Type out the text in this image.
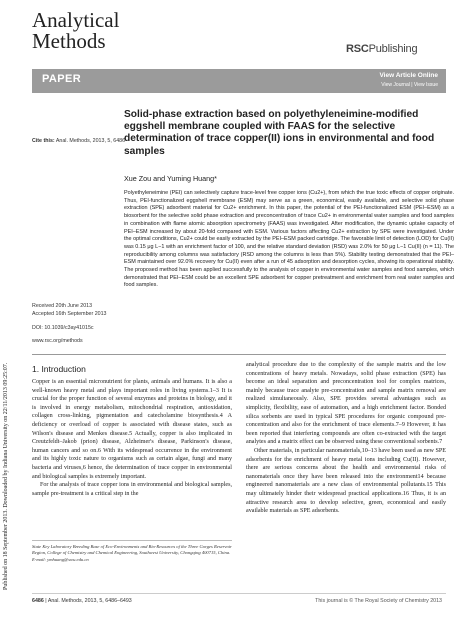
Analytical
Methods	RSCPublishing
PAPER	View Article Online
View Journal | View Issue
Published on 18 September 2013. Downloaded by Indiana University on 22/11/2013 09:25:07.
Cite this: Anal. Methods, 2013, 5, 6486
Solid-phase extraction based on polyethyleneimine-modified eggshell membrane coupled with FAAS for the selective determination of trace copper(II) ions in environmental and food samples
Xue Zou and Yuming Huang*
Polyethyleneimine (PEI) can selectively capture trace-level free copper ions (Cu2+), from which the true toxic effects of copper originate. Thus, PEI-functionalized eggshell membrane (ESM) may serve as a green, economical, easily available, and selective solid phase extraction (SPE) adsorbent material for Cu2+ enrichment. In this paper, the potential of the PEI-functionalized ESM (PEI–ESM) as a biosorbent for the selective solid phase extraction and preconcentration of trace Cu2+ in environmental water samples and food samples in combination with flame atomic absorption spectrometry (FAAS) was investigated. After modification, the dynamic uptake capacity of PEI–ESM increased by about 20-fold compared with ESM. Various factors affecting Cu2+ extraction by SPE were investigated. Under the optimal conditions, Cu2+ could be easily extracted by the PEI–ESM packed cartridge. The favorable limit of detection (LOD) for Cu(II) was 0.15 μg L−1 with an enrichment factor of 100, and the relative standard deviation (RSD) was 2.0% for 50 μg L−1 Cu(II) (n = 11). The reproducibility among columns was satisfactory (RSD among the columns is less than 5%). Stability testing demonstrated that the PEI–ESM maintained over 92.0% recovery for Cu(II) even after a run of 45 adsorption and desorption cycles, showing its operational stability. The proposed method has been applied successfully to the analysis of copper in environmental water samples and food samples, which demonstrated that PEI–ESM could be an excellent SPE adsorbent for copper pretreatment and enrichment from real water samples and food samples.
Received 20th June 2013
Accepted 16th September 2013
DOI: 10.1039/c3ay41015c
www.rsc.org/methods
1. Introduction

Copper is an essential micronutrient for plants, animals and humans. It is also a well-known heavy metal and plays important roles in living systems.1–3 It is crucial for the proper function of several enzymes and proteins in biology, and it is involved in energy metabolism, mitochondrial respiration, antioxidation, collagen cross-linking, pigmentation and catecholamine biosynthesis.4 A deficiency or overload of copper is associated with disease states, such as Wilson's disease and Menkes disease.5 Actually, copper is also implicated in Creutzfeldt–Jakob (prion) disease, Alzheimer's disease, Parkinson's disease, human cancers and so on.6 With its widespread occurrence in the environment and its highly toxic nature to organisms such as certain algae, fungi and many bacteria and viruses,6 hence, the determination of trace copper in environmental and biological samples is extremely important.

For the analysis of trace copper ions in environmental and biological samples, sample pre-treatment is a critical step in the

analytical procedure due to the complexity of the sample matrix and the low concentrations of heavy metals. Nowadays, solid phase extraction (SPE) has become an ideal separation and preconcentration tool for complex matrices, mainly because trace analyte pre-concentration and sample matrix removal are realized simultaneously. Also, SPE provides several advantages such as simplicity, flexibility, ease of automation, and a high enrichment factor. Bonded silica sorbents are used in typical SPE procedures for organic compound pre-concentration and also for the enrichment of trace elements.7–9 However, it has been reported that interfering compounds are often co-extracted with the target analytes and a matrix effect can be observed using these conventional sorbents.7

Other materials, in particular nanomaterials,10–13 have been used as new SPE adsorbents for the enrichment of heavy metal ions including Cu(II). However, there are serious concerns about the health and environmental risks of nanomaterials once they have been released into the environment14 because engineered nanomaterials are a new class of environmental pollutants.15 This may ultimately hinder their widespread practical applications.16 Thus, it is an attractive research area to develop selective, green, economical and easily available materials as SPE adsorbents.

State Key Laboratory Breeding Base of Eco-Environments and Bio-Resources of the Three Gorges Reservoir Region, College of Chemistry and Chemical Engineering, Southwest University, Chongqing 400715, China. E-mail: ymhuang@swu.edu.cn
6486 | Anal. Methods, 2013, 5, 6486–6493	This journal is © The Royal Society of Chemistry 2013
